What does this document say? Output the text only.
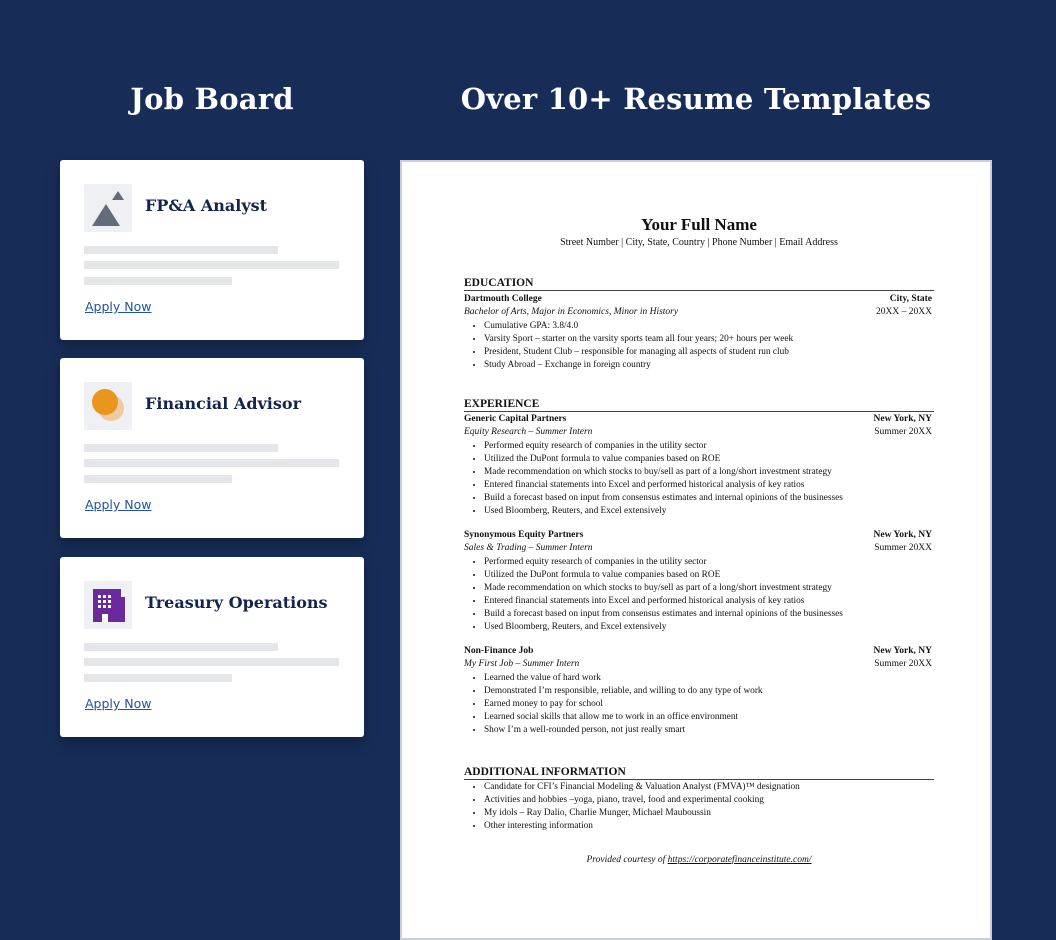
Job Board	Over 10+ Resume Templates
FP&A Analyst
Apply Now
Financial Advisor
Apply Now
Treasury Operations
Apply Now
Your Full Name
Street Number | City, State, Country | Phone Number | Email Address
EDUCATION
Dartmouth College	City, State
Bachelor of Arts, Major in Economics, Minor in History	20XX – 20XX
• Cumulative GPA: 3.8/4.0
• Varsity Sport – starter on the varsity sports team all four years; 20+ hours per week
• President, Student Club – responsible for managing all aspects of student run club
• Study Abroad – Exchange in foreign country
EXPERIENCE
Generic Capital Partners	New York, NY
Equity Research – Summer Intern	Summer 20XX
• Performed equity research of companies in the utility sector
• Utilized the DuPont formula to value companies based on ROE
• Made recommendation on which stocks to buy/sell as part of a long/short investment strategy
• Entered financial statements into Excel and performed historical analysis of key ratios
• Build a forecast based on input from consensus estimates and internal opinions of the businesses
• Used Bloomberg, Reuters, and Excel extensively
Synonymous Equity Partners	New York, NY
Sales & Trading – Summer Intern	Summer 20XX
• Performed equity research of companies in the utility sector
• Utilized the DuPont formula to value companies based on ROE
• Made recommendation on which stocks to buy/sell as part of a long/short investment strategy
• Entered financial statements into Excel and performed historical analysis of key ratios
• Build a forecast based on input from consensus estimates and internal opinions of the businesses
• Used Bloomberg, Reuters, and Excel extensively
Non-Finance Job	New York, NY
My First Job – Summer Intern	Summer 20XX
• Learned the value of hard work
• Demonstrated I’m responsible, reliable, and willing to do any type of work
• Earned money to pay for school
• Learned social skills that allow me to work in an office environment
• Show I’m a well-rounded person, not just really smart
ADDITIONAL INFORMATION
• Candidate for CFI’s Financial Modeling & Valuation Analyst (FMVA)™ designation
• Activities and hobbies –yoga, piano, travel, food and experimental cooking
• My idols – Ray Dalio, Charlie Munger, Michael Mauboussin
• Other interesting information
Provided courtesy of https://corporatefinanceinstitute.com/
